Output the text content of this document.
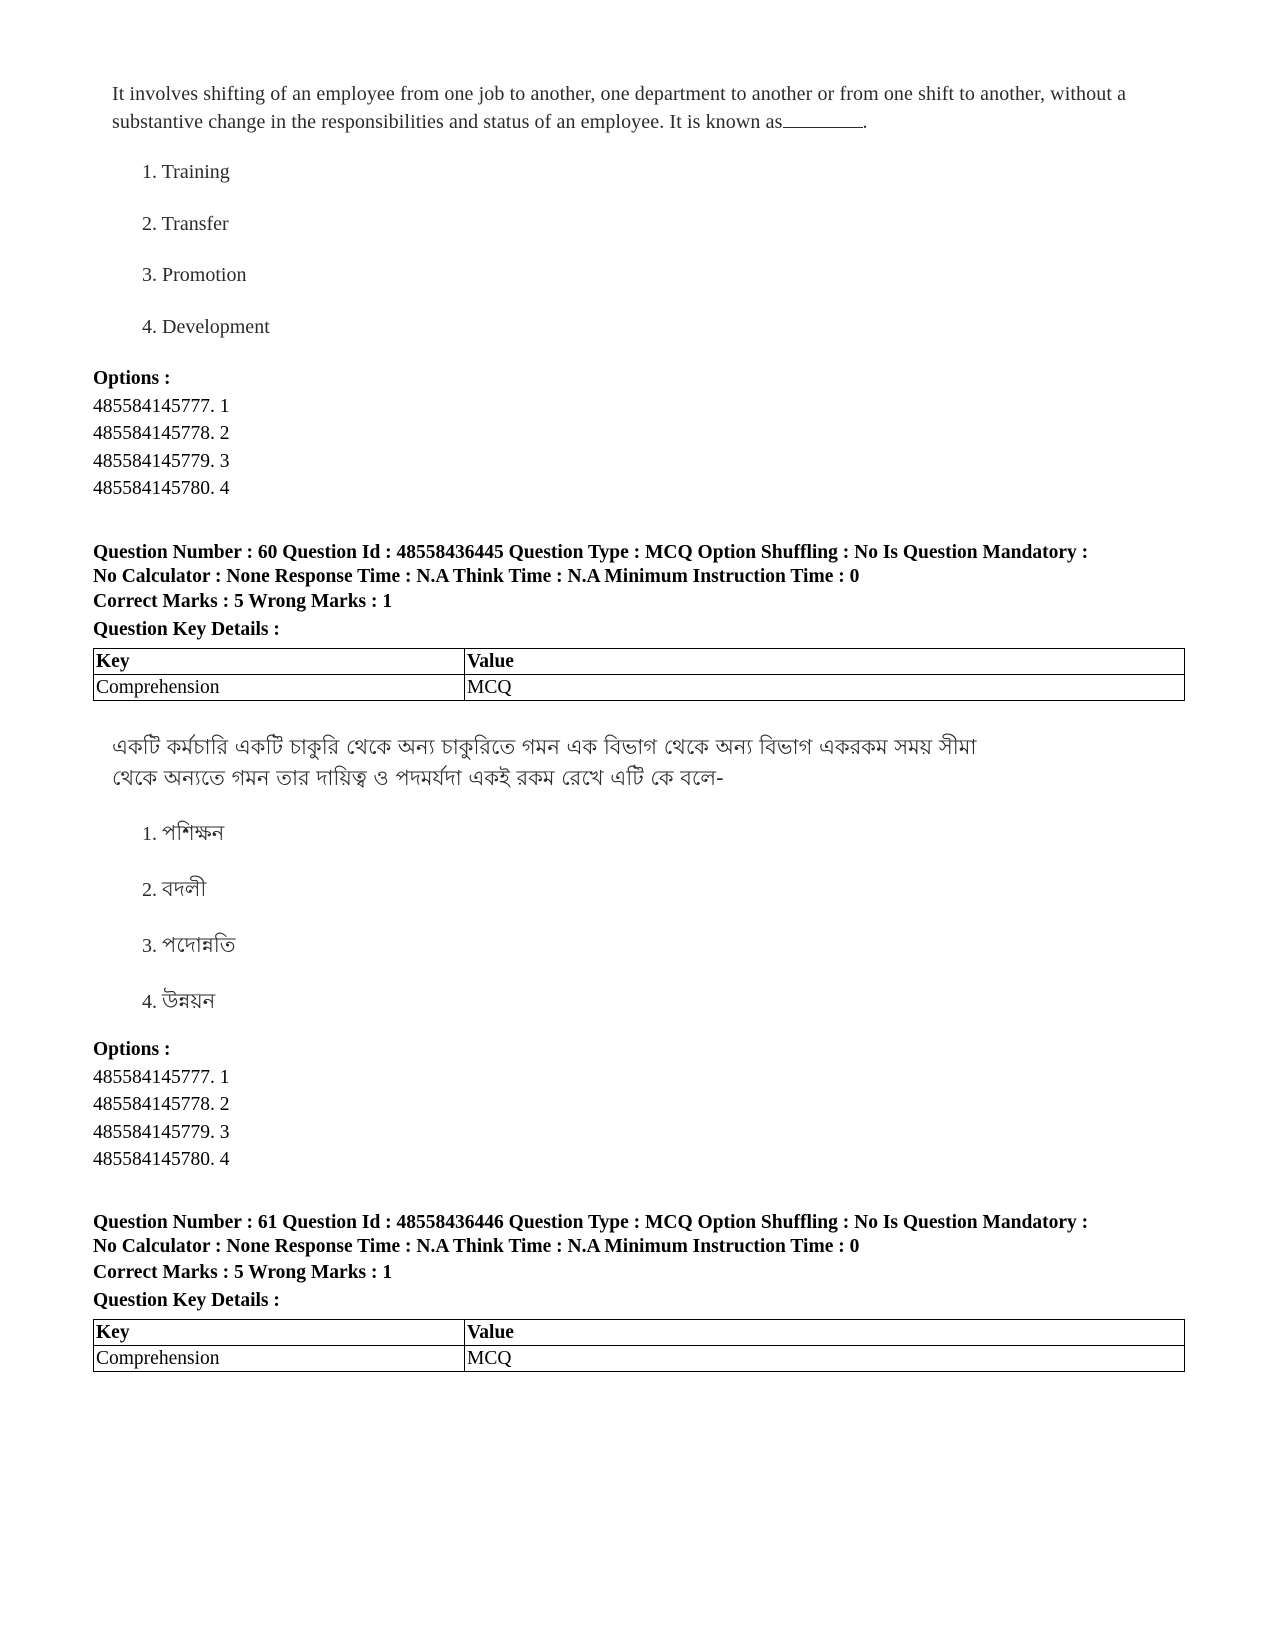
It involves shifting of an employee from one job to another, one department to another or from one shift to another, without a substantive change in the responsibilities and status of an employee. It is known as	.
1. Training
2. Transfer
3. Promotion
4. Development
Options :
485584145777. 1
485584145778. 2
485584145779. 3
485584145780. 4
Question Number : 60 Question Id : 48558436445 Question Type : MCQ Option Shuffling : No Is Question Mandatory :
No Calculator : None Response Time : N.A Think Time : N.A Minimum Instruction Time : 0
Correct Marks : 5 Wrong Marks : 1
Question Key Details :
Key	Value
Comprehension	MCQ
একটি কর্মচারি একটি চাকুরি থেকে অন্য চাকুরিতে গমন এক বিভাগ থেকে অন্য বিভাগ একরকম সময় সীমা
থেকে অন্যতে গমন তার দায়িত্ব ও পদমর্যদা একই রকম রেখে এটি কে বলে-
1. পশিক্ষন
2. বদলী
3. পদোন্নতি
4. উন্নয়ন
Options :
485584145777. 1
485584145778. 2
485584145779. 3
485584145780. 4
Question Number : 61 Question Id : 48558436446 Question Type : MCQ Option Shuffling : No Is Question Mandatory :
No Calculator : None Response Time : N.A Think Time : N.A Minimum Instruction Time : 0
Correct Marks : 5 Wrong Marks : 1
Question Key Details :
Key	Value
Comprehension	MCQ
